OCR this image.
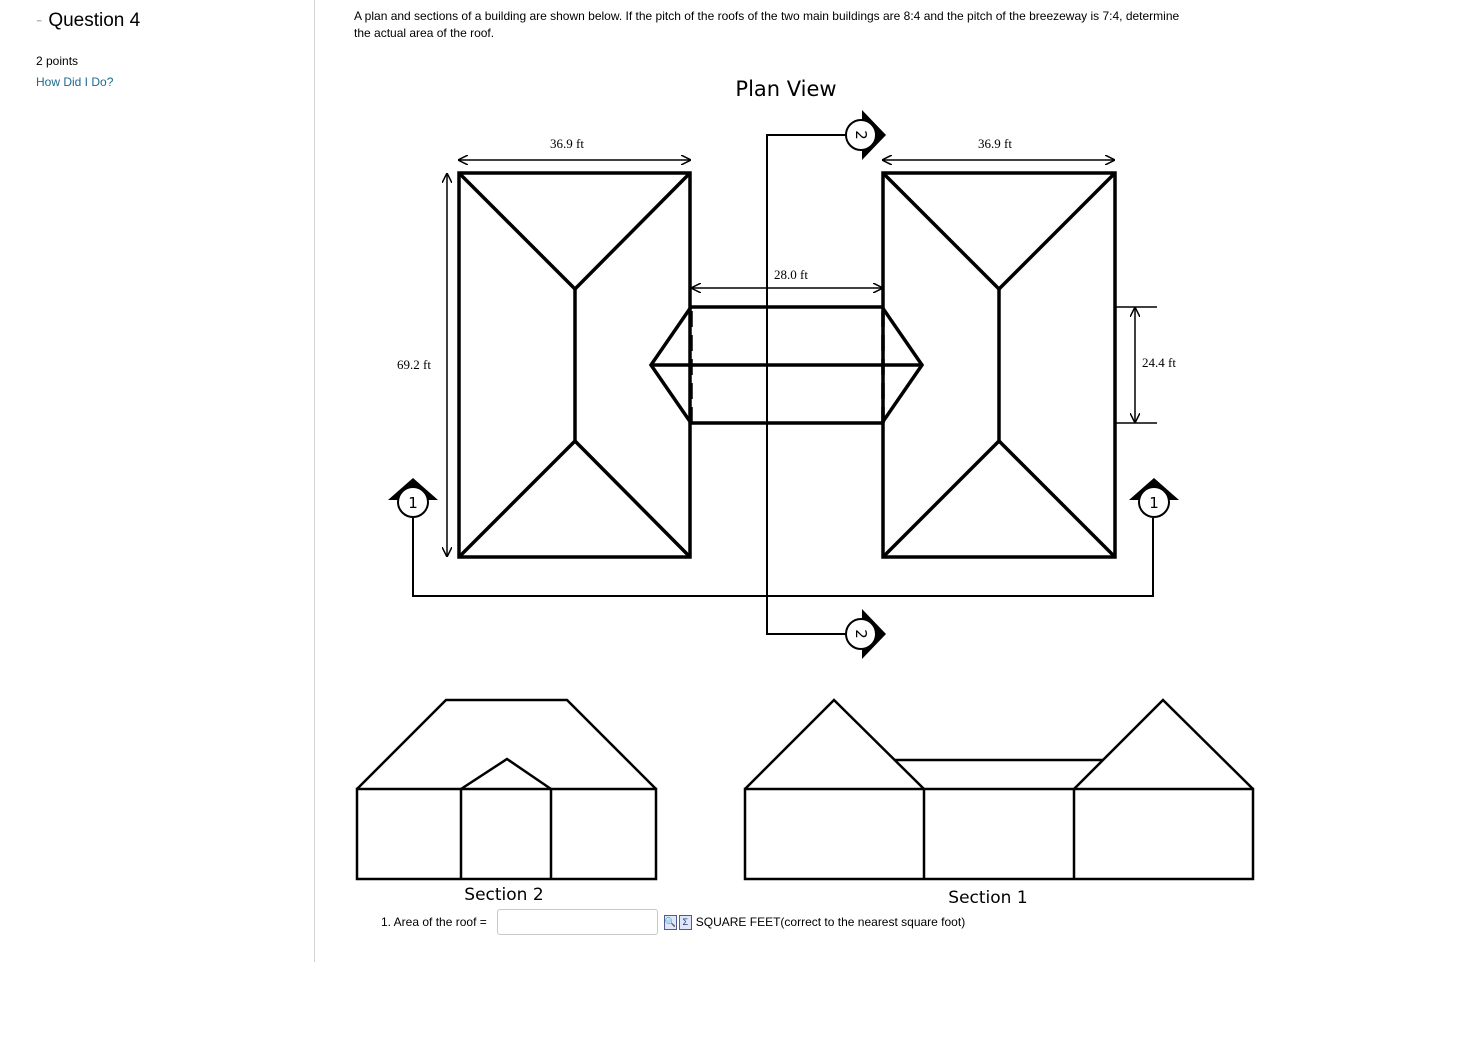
- Question 4
2 points
How Did I Do?
A plan and sections of a building are shown below. If the pitch of the roofs of the two main buildings are 8:4 and the pitch of the breezeway is 7:4, determine the actual area of the roof.
Plan View
36.9 ft	36.9 ft
28.0 ft
69.2 ft	24.4 ft
1	1
2
2
Section 2	Section 1
1. Area of the roof =	🔍 Σ SQUARE FEET(correct to the nearest square foot)
